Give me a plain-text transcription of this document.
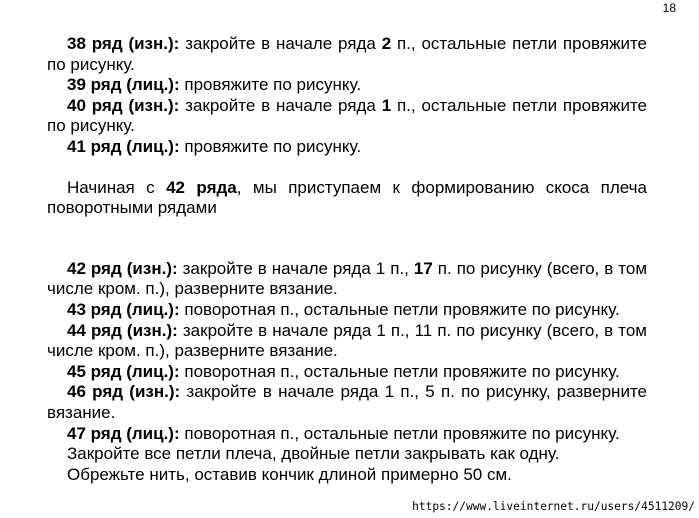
18

38 ряд (изн.): закройте в начале ряда 2 п., остальные петли провяжите по рисунку.

39 ряд (лиц.): провяжите по рисунку.

40 ряд (изн.): закройте в начале ряда 1 п., остальные петли провяжите по рисунку.

41 ряд (лиц.): провяжите по рисунку.

Начиная с 42 ряда, мы приступаем к формированию скоса плеча поворотными рядами

42 ряд (изн.): закройте в начале ряда 1 п., 17 п. по рисунку (всего, в том числе кром. п.), разверните вязание.

43 ряд (лиц.): поворотная п., остальные петли провяжите по рисунку.

44 ряд (изн.): закройте в начале ряда 1 п., 11 п. по рисунку (всего, в том числе кром. п.), разверните вязание.

45 ряд (лиц.): поворотная п., остальные петли провяжите по рисунку.

46 ряд (изн.): закройте в начале ряда 1 п., 5 п. по рисунку, разверните вязание.

47 ряд (лиц.): поворотная п., остальные петли провяжите по рисунку.

Закройте все петли плеча, двойные петли закрывать как одну.

Обрежьте нить, оставив кончик длиной примерно 50 см.

https://www.liveinternet.ru/users/4511209/
